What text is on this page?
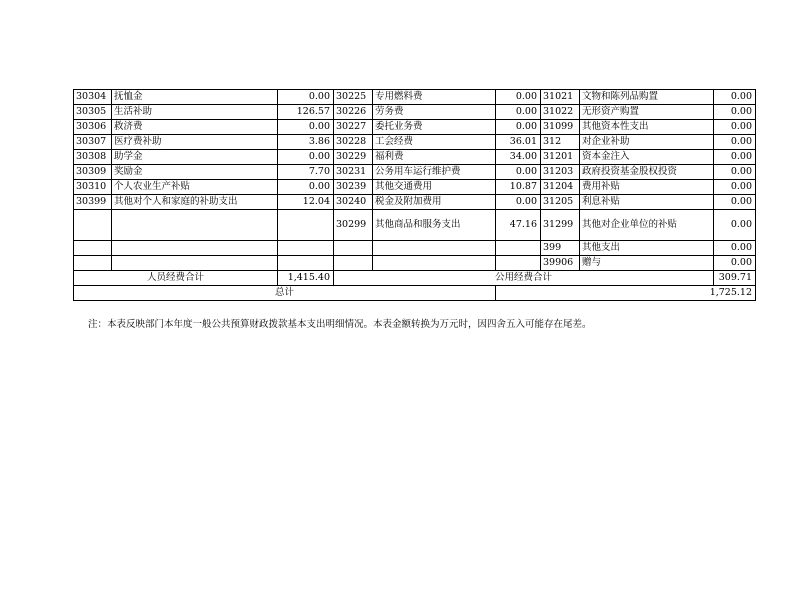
30304	抚恤金	0.00	30225	专用燃料费	0.00	31021	文物和陈列品购置	0.00
30305	生活补助	126.57	30226	劳务费	0.00	31022	无形资产购置	0.00
30306	救济费	0.00	30227	委托业务费	0.00	31099	其他资本性支出	0.00
30307	医疗费补助	3.86	30228	工会经费	36.01	312	对企业补助	0.00
30308	助学金	0.00	30229	福利费	34.00	31201	资本金注入	0.00
30309	奖励金	7.70	30231	公务用车运行维护费	0.00	31203	政府投资基金股权投资	0.00
30310	个人农业生产补贴	0.00	30239	其他交通费用	10.87	31204	费用补贴	0.00
30399	其他对个人和家庭的补助支出	12.04	30240	税金及附加费用	0.00	31205	利息补贴	0.00
			30299	其他商品和服务支出	47.16	31299	其他对企业单位的补贴	0.00
						399	其他支出	0.00
						39906	赠与	0.00
人员经费合计		1,415.40	公用经费合计					309.71
总计					1,725.12			
注：本表反映部门本年度一般公共预算财政拨款基本支出明细情况。本表金额转换为万元时，因四舍五入可能存在尾差。
